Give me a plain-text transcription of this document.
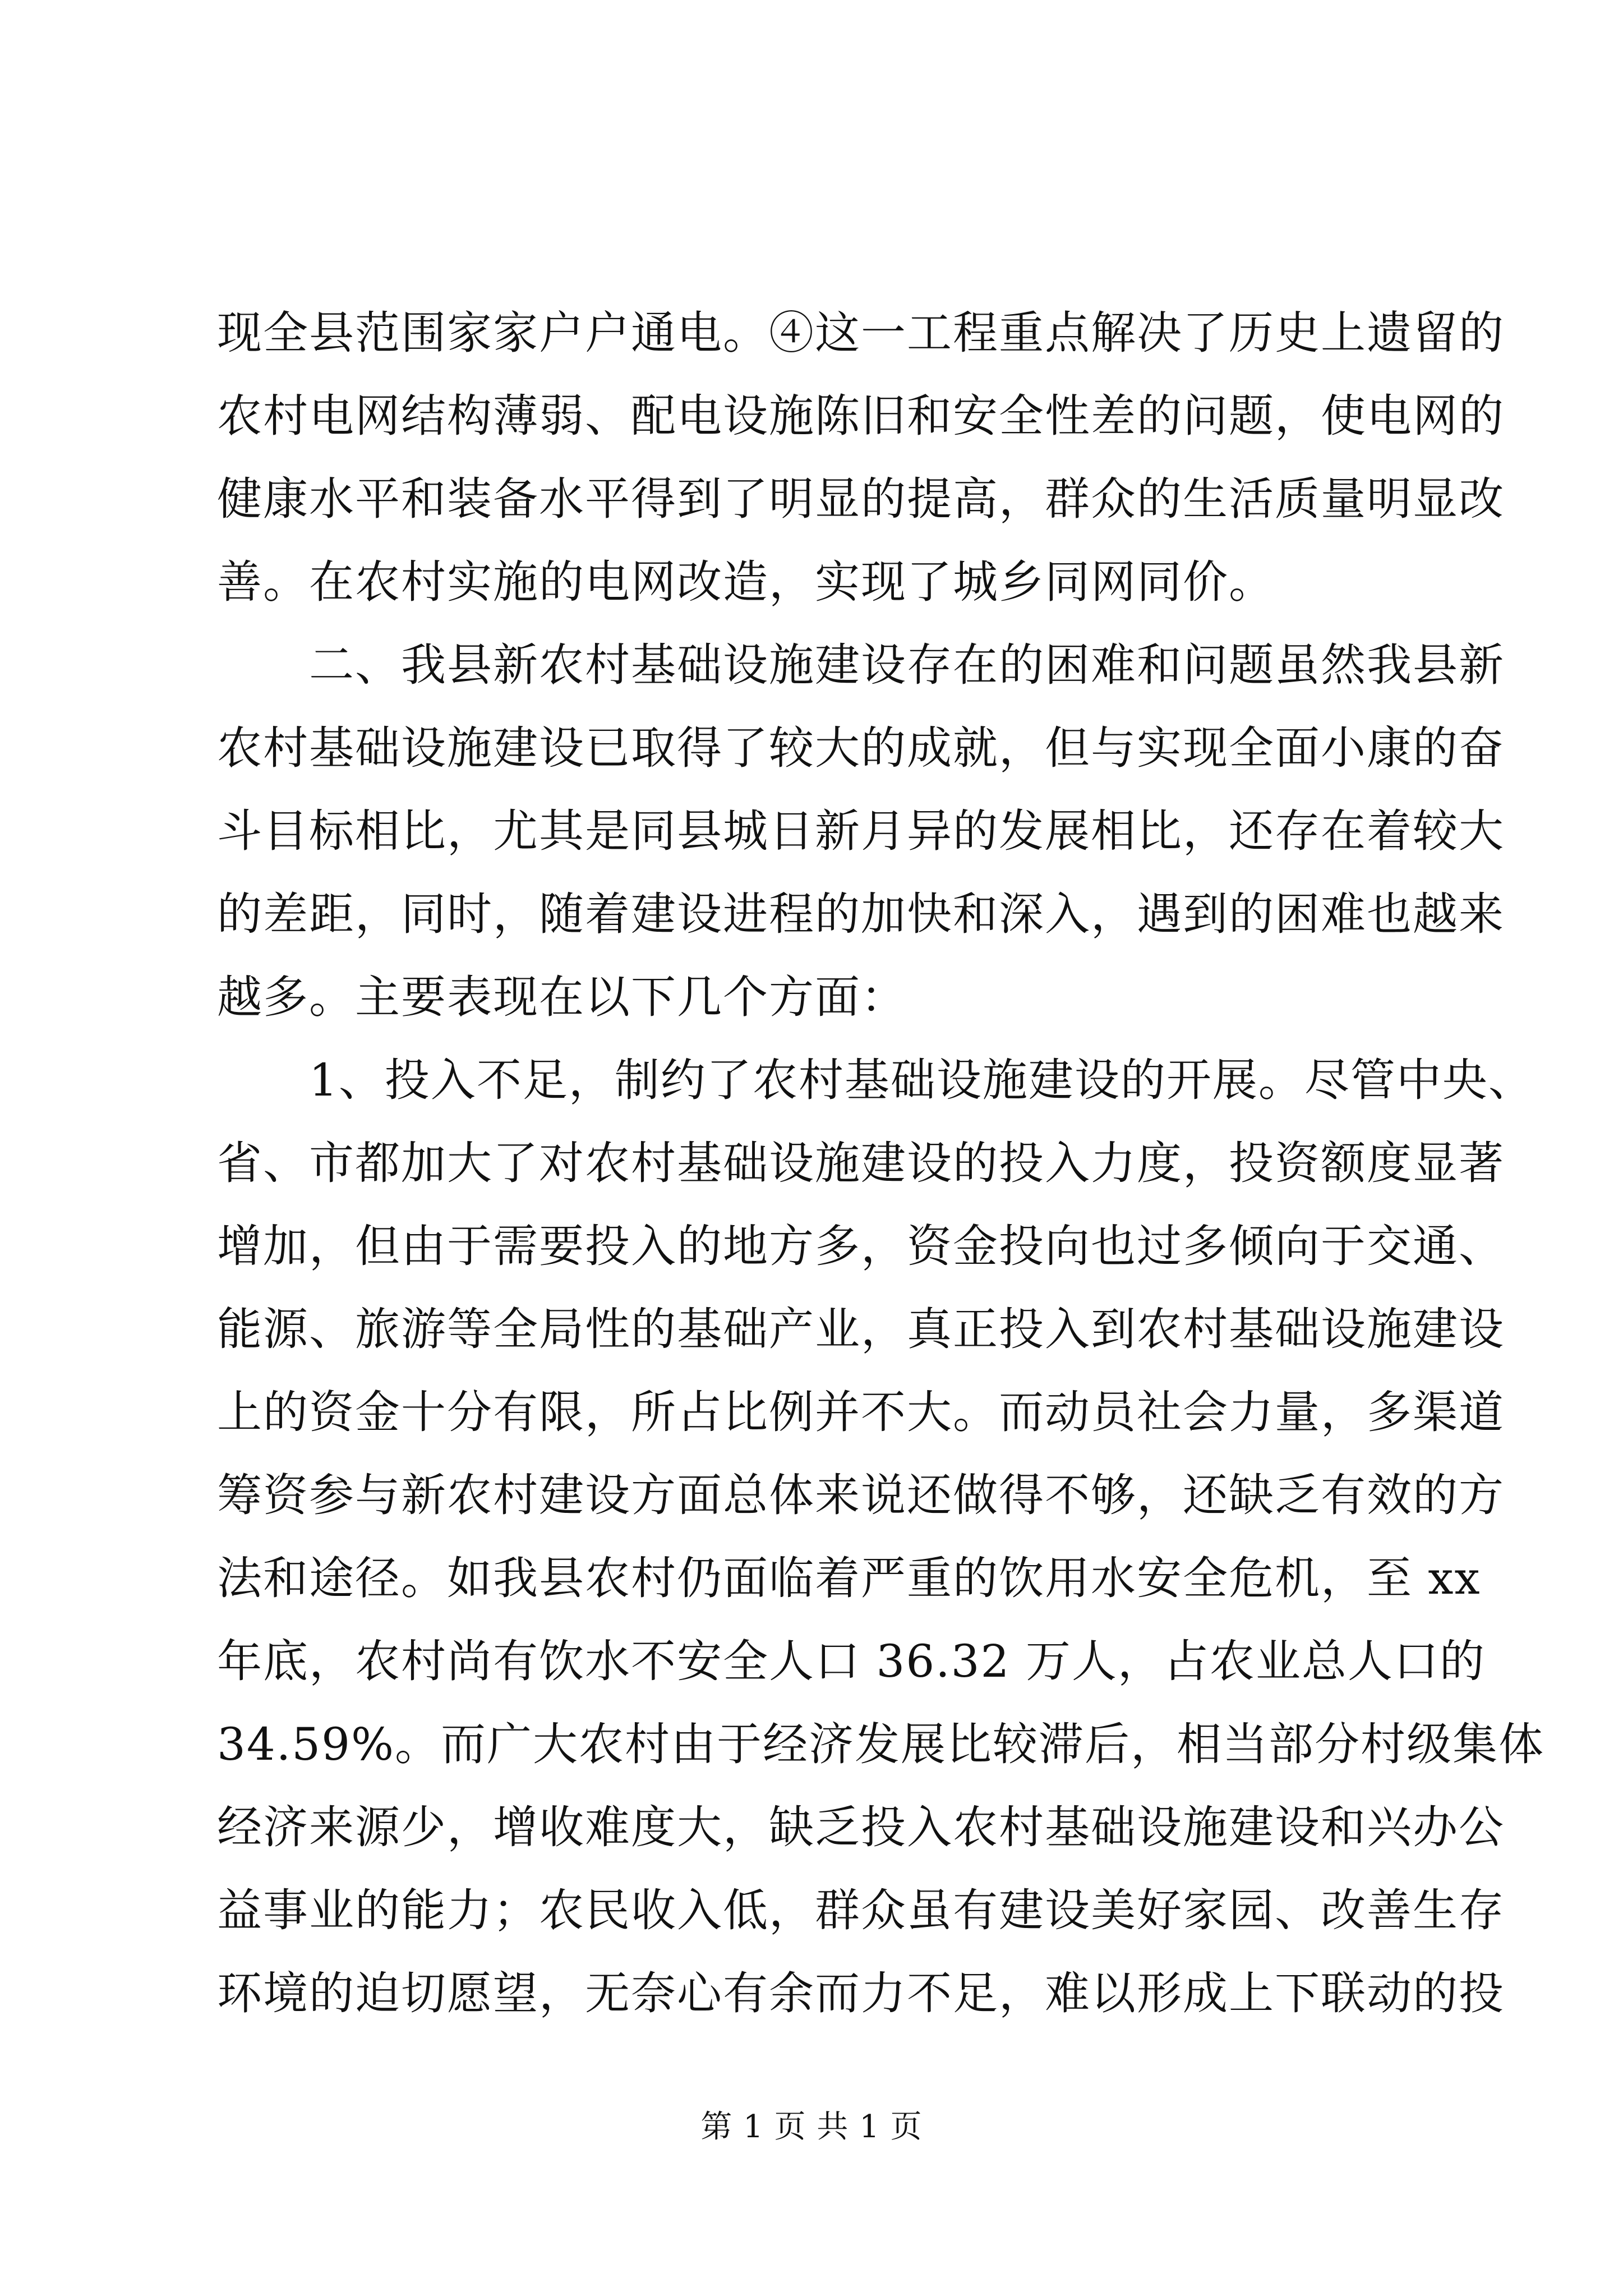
现全县范围家家户户通电。④这一工程重点解决了历史上遗留的
农村电网结构薄弱、配电设施陈旧和安全性差的问题，使电网的
健康水平和装备水平得到了明显的提高，群众的生活质量明显改
善。在农村实施的电网改造，实现了城乡同网同价。
　　二、我县新农村基础设施建设存在的困难和问题虽然我县新
农村基础设施建设已取得了较大的成就，但与实现全面小康的奋
斗目标相比，尤其是同县城日新月异的发展相比，还存在着较大
的差距，同时，随着建设进程的加快和深入，遇到的困难也越来
越多。主要表现在以下几个方面：
　　1、投入不足，制约了农村基础设施建设的开展。尽管中央、
省、市都加大了对农村基础设施建设的投入力度，投资额度显著
增加，但由于需要投入的地方多，资金投向也过多倾向于交通、
能源、旅游等全局性的基础产业，真正投入到农村基础设施建设
上的资金十分有限，所占比例并不大。而动员社会力量，多渠道
筹资参与新农村建设方面总体来说还做得不够，还缺乏有效的方
法和途径。如我县农村仍面临着严重的饮用水安全危机，至 xx
年底，农村尚有饮水不安全人口 36.32 万人，占农业总人口的
34.59%。而广大农村由于经济发展比较滞后，相当部分村级集体
经济来源少，增收难度大，缺乏投入农村基础设施建设和兴办公
益事业的能力；农民收入低，群众虽有建设美好家园、改善生存
环境的迫切愿望，无奈心有余而力不足，难以形成上下联动的投
第 1 页 共 1 页
